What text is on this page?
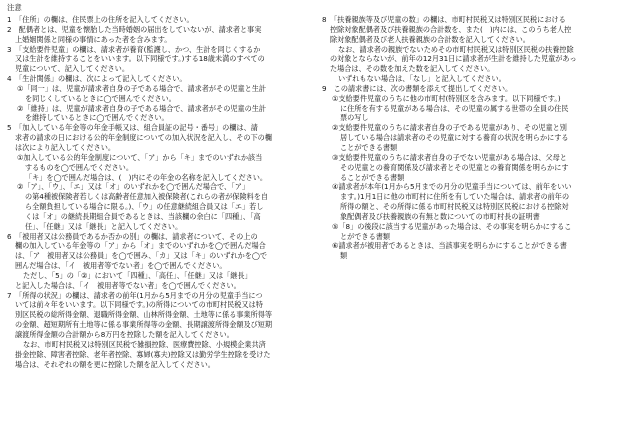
注意
1　「住所」の欄は、住民票上の住所を記入してください。
2　配偶者とは、児童を懐胎した当時婚姻の届出をしていないが、請求者と事実
上婚姻関係と同様の事情にあった者を含みます。
3　「支給要件児童」の欄は、請求者が養育(監護し、かつ、生計を同じくするか
又は生計を維持することをいいます。以下同様です。)する18歳未満のすべての
児童について、記入してください。
4　「生計関係」の欄は、次によって記入してください。
①「同一」は、児童が請求者自身の子である場合で、請求者がその児童と生計
を同じくしているときに◯で囲んでください。
②「維持」は、児童が請求者自身の子である場合で、請求者がその児童の生計
を維持しているときに◯で囲んでください。
5　「加入している年金等の年金手帳又は、組合員証の記号・番号」の欄は、請
求者の請求の日における公的年金制度についての加入状況を記入し、その下の欄
は次により記入してください。
①加入している公的年金制度について、「ア」から「キ」までのいずれか該当
するものを◯で囲んでください。
「キ」を◯で囲んだ場合は、(　)内にその年金の名称を記入してください。
②「ア」、「ウ」、「エ」又は「オ」のいずれかを◯で囲んだ場合で、「ア」
の第4種被保険者若しくは高齢者任意加入被保険者(これらの者が保険料を自
ら全額負担している場合に限る。)、「ウ」の任意継続組合員又は「エ」若し
くは「オ」の継続長期組合員であるときは、当該欄の余白に「四種」、「高
任」、「任継」又は「継長」と記入してください。
6　「被用者又は公務員であるか否かの別」の欄は、請求者について、その上の
欄の加入している年金等の「ア」から「オ」までのいずれかを◯で囲んだ場合
は、「ア　被用者又は公務員」を◯で囲み、「カ」又は「キ」のいずれかを◯で
囲んだ場合は、「イ　被用者等でない者」を◯で囲んでください。
ただし、「5」の「②」において「四種」、「高任」、「任継」又は「継長」
と記入した場合は、「イ　被用者等でない者」を◯で囲んでください。
7　「所得の状況」の欄は、請求者の前年(1月から5月までの月分の児童手当につ
いては前々年をいいます。以下同様です。)の所得についての市町村民税又は特
別区民税の総所得金額、退職所得金額、山林所得金額、土地等に係る事業所得等
の金額、超短期所有土地等に係る事業所得等の金額、長期譲渡所得金額及び短期
譲渡所得金額の合計額から8万円を控除した額を記入してください。
なお、市町村民税又は特別区民税で雑損控除、医療費控除、小規模企業共済
掛金控除、障害者控除、老年者控除、寡婦(寡夫)控除又は勤労学生控除を受けた
場合は、それぞれの額を更に控除した額を記入してください。
8　「扶養親族等及び児童の数」の欄は、市町村民税又は特別区民税における
控除対象配偶者及び扶養親族の合計数を、また(　)内には、このうち老人控
除対象配偶者及び老人扶養親族の合計数を記入してください。
なお、請求者の親族でないためその市町村民税又は特別区民税の扶養控除
の対象とならないが、前年の12月31日に請求者が生計を維持した児童があっ
た場合は、その数を加えた数を記入してください。
いずれもない場合は、「なし」と記入してください。
9　この請求書には、次の書類を添えて提出してください。
①支給要件児童のうちに他の市町村(特別区を含みます。以下同様です。)
に住所を有する児童がある場合は、その児童の属する世帯の全員の住民
票の写し
②支給要件児童のうちに請求者自身の子である児童があり、その児童と別
居している場合は請求者のその児童に対する養育の状況を明らかにする
ことができる書類
③支給要件児童のうちに請求者自身の子でない児童がある場合は、父母と
その児童との養育関係及び請求者とその児童との養育関係を明らかにす
ることができる書類
④請求者が本年(1月から5月までの月分の児童手当については、前年をいい
ます。)1月1日に他の市町村に住所を有していた場合は、請求者の前年の
所得の額と、その所得に係る市町村民税又は特別区民税における控除対
象配偶者及び扶養親族の有無と数についての市町村長の証明書
⑤「8」の後段に該当する児童があった場合は、その事実を明らかにするこ
とができる書類
⑥請求者が被用者であるときは、当該事実を明らかにすることができる書
類
